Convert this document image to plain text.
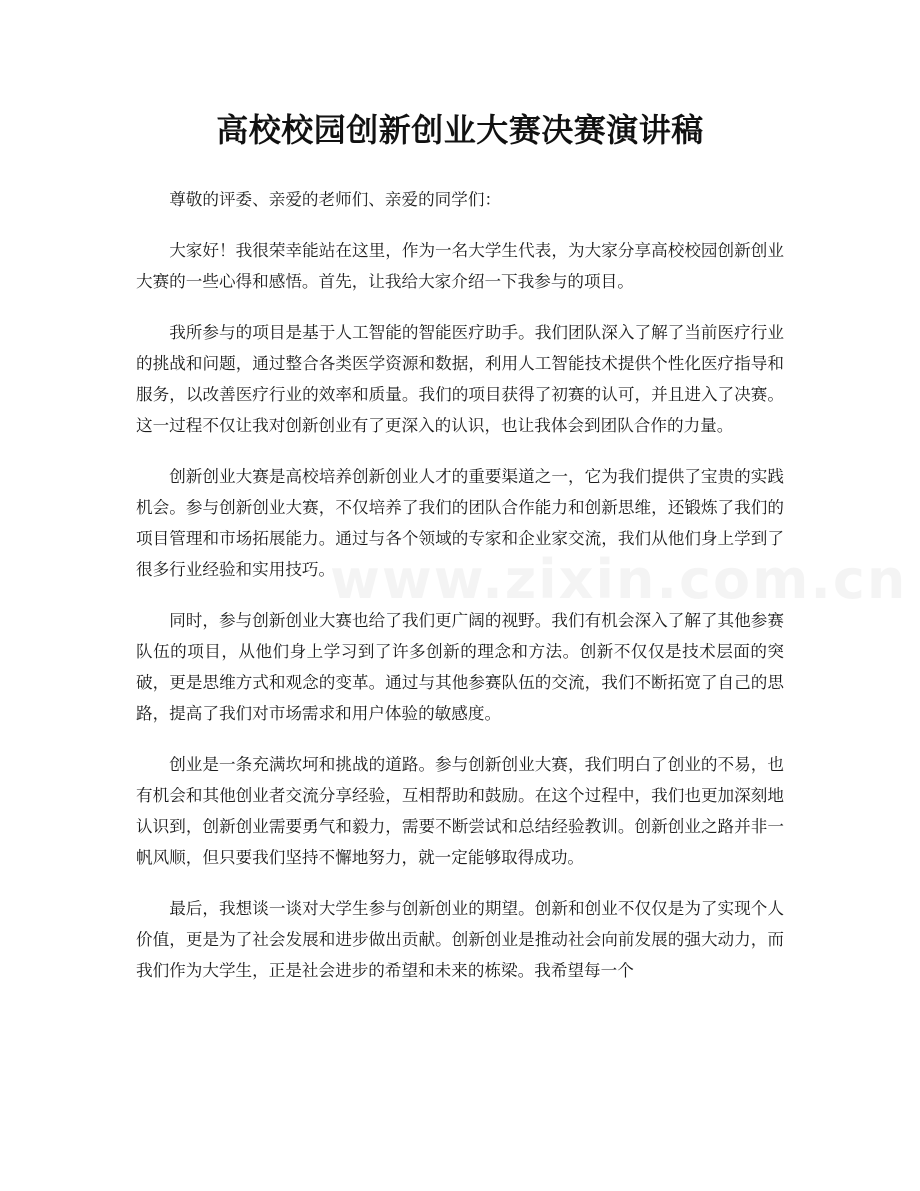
高校校园创新创业大赛决赛演讲稿

尊敬的评委、亲爱的老师们、亲爱的同学们：

大家好！我很荣幸能站在这里，作为一名大学生代表，为大家分享高校校园创新创业大赛的一些心得和感悟。首先，让我给大家介绍一下我参与的项目。

我所参与的项目是基于人工智能的智能医疗助手。我们团队深入了解了当前医疗行业的挑战和问题，通过整合各类医学资源和数据，利用人工智能技术提供个性化医疗指导和服务，以改善医疗行业的效率和质量。我们的项目获得了初赛的认可，并且进入了决赛。这一过程不仅让我对创新创业有了更深入的认识，也让我体会到团队合作的力量。

创新创业大赛是高校培养创新创业人才的重要渠道之一，它为我们提供了宝贵的实践机会。参与创新创业大赛，不仅培养了我们的团队合作能力和创新思维，还锻炼了我们的项目管理和市场拓展能力。通过与各个领域的专家和企业家交流，我们从他们身上学到了很多行业经验和实用技巧。

同时，参与创新创业大赛也给了我们更广阔的视野。我们有机会深入了解了其他参赛队伍的项目，从他们身上学习到了许多创新的理念和方法。创新不仅仅是技术层面的突破，更是思维方式和观念的变革。通过与其他参赛队伍的交流，我们不断拓宽了自己的思路，提高了我们对市场需求和用户体验的敏感度。

创业是一条充满坎坷和挑战的道路。参与创新创业大赛，我们明白了创业的不易，也有机会和其他创业者交流分享经验，互相帮助和鼓励。在这个过程中，我们也更加深刻地认识到，创新创业需要勇气和毅力，需要不断尝试和总结经验教训。创新创业之路并非一帆风顺，但只要我们坚持不懈地努力，就一定能够取得成功。

最后，我想谈一谈对大学生参与创新创业的期望。创新和创业不仅仅是为了实现个人价值，更是为了社会发展和进步做出贡献。创新创业是推动社会向前发展的强大动力，而我们作为大学生，正是社会进步的希望和未来的栋梁。我希望每一个
